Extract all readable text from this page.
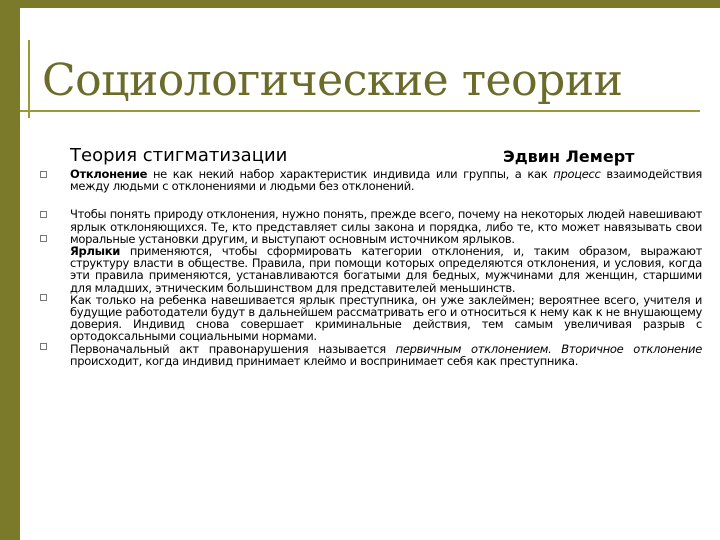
Социологические теории
Теория стигматизации	Эдвин Лемерт
Отклонение не как некий набор характеристик индивида или группы, а как процесс взаимодействия между людьми с отклонениями и людьми без отклонений.
Чтобы понять природу отклонения, нужно понять, прежде всего, почему на некоторых людей навешивают ярлык отклоняющихся. Те, кто представляет силы закона и порядка, либо те, кто может навязывать свои моральные установки другим, и выступают основным источником ярлыков.
Ярлыки применяются, чтобы сформировать категории отклонения, и, таким образом, выражают структуру власти в обществе. Правила, при помощи которых определяются отклонения, и условия, когда эти правила применяются, устанавливаются богатыми для бедных, мужчинами для женщин, старшими для младших, этническим большинством для представителей меньшинств.
Как только на ребенка навешивается ярлык преступника, он уже заклеймен; вероятнее всего, учителя и будущие работодатели будут в дальнейшем рассматривать его и относиться к нему как к не внушающему доверия. Индивид снова совершает криминальные действия, тем самым увеличивая разрыв с ортодоксальными социальными нормами.
Первоначальный акт правонарушения называется первичным отклонением. Вторичное отклонение происходит, когда индивид принимает клеймо и воспринимает себя как преступника.
